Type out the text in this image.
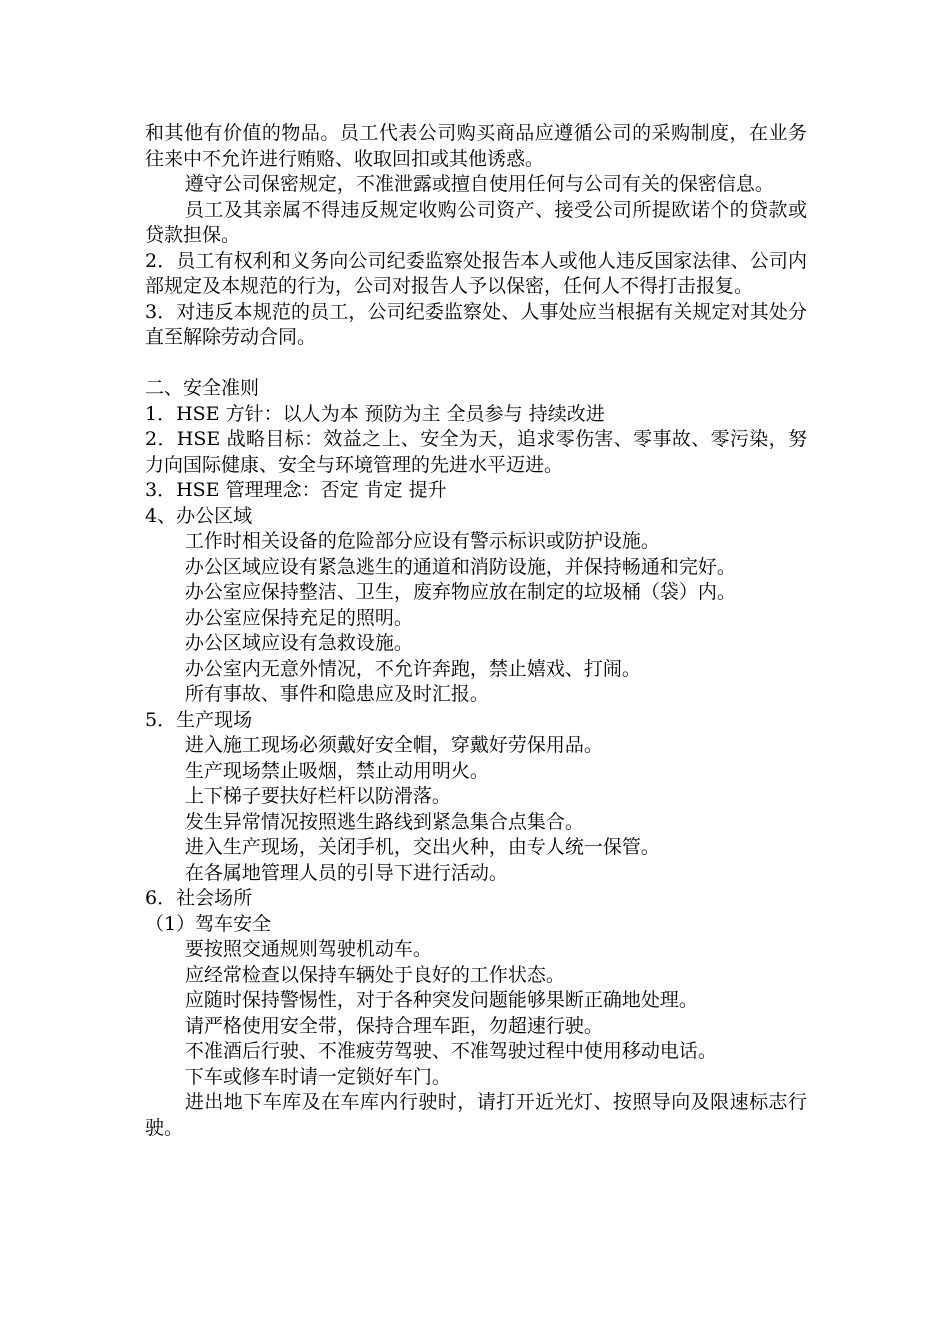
和其他有价值的物品。员工代表公司购买商品应遵循公司的采购制度，在业务往来中不允许进行贿赂、收取回扣或其他诱惑。

遵守公司保密规定，不准泄露或擅自使用任何与公司有关的保密信息。

员工及其亲属不得违反规定收购公司资产、接受公司所提欧诺个的贷款或贷款担保。

2．员工有权利和义务向公司纪委监察处报告本人或他人违反国家法律、公司内部规定及本规范的行为，公司对报告人予以保密，任何人不得打击报复。

3．对违反本规范的员工，公司纪委监察处、人事处应当根据有关规定对其处分直至解除劳动合同。

二、安全准则

1．HSE 方针：以人为本 预防为主 全员参与 持续改进

2．HSE 战略目标：效益之上、安全为天，追求零伤害、零事故、零污染，努力向国际健康、安全与环境管理的先进水平迈进。

3．HSE 管理理念：否定 肯定 提升

4、办公区域

工作时相关设备的危险部分应设有警示标识或防护设施。

办公区域应设有紧急逃生的通道和消防设施，并保持畅通和完好。

办公室应保持整洁、卫生，废弃物应放在制定的垃圾桶（袋）内。

办公室应保持充足的照明。

办公区域应设有急救设施。

办公室内无意外情况，不允许奔跑，禁止嬉戏、打闹。

所有事故、事件和隐患应及时汇报。

5．生产现场

进入施工现场必须戴好安全帽，穿戴好劳保用品。

生产现场禁止吸烟，禁止动用明火。

上下梯子要扶好栏杆以防滑落。

发生异常情况按照逃生路线到紧急集合点集合。

进入生产现场，关闭手机，交出火种，由专人统一保管。

在各属地管理人员的引导下进行活动。

6．社会场所

（1）驾车安全

要按照交通规则驾驶机动车。

应经常检查以保持车辆处于良好的工作状态。

应随时保持警惕性，对于各种突发问题能够果断正确地处理。

请严格使用安全带，保持合理车距，勿超速行驶。

不准酒后行驶、不准疲劳驾驶、不准驾驶过程中使用移动电话。

下车或修车时请一定锁好车门。

进出地下车库及在车库内行驶时，请打开近光灯、按照导向及限速标志行驶。
